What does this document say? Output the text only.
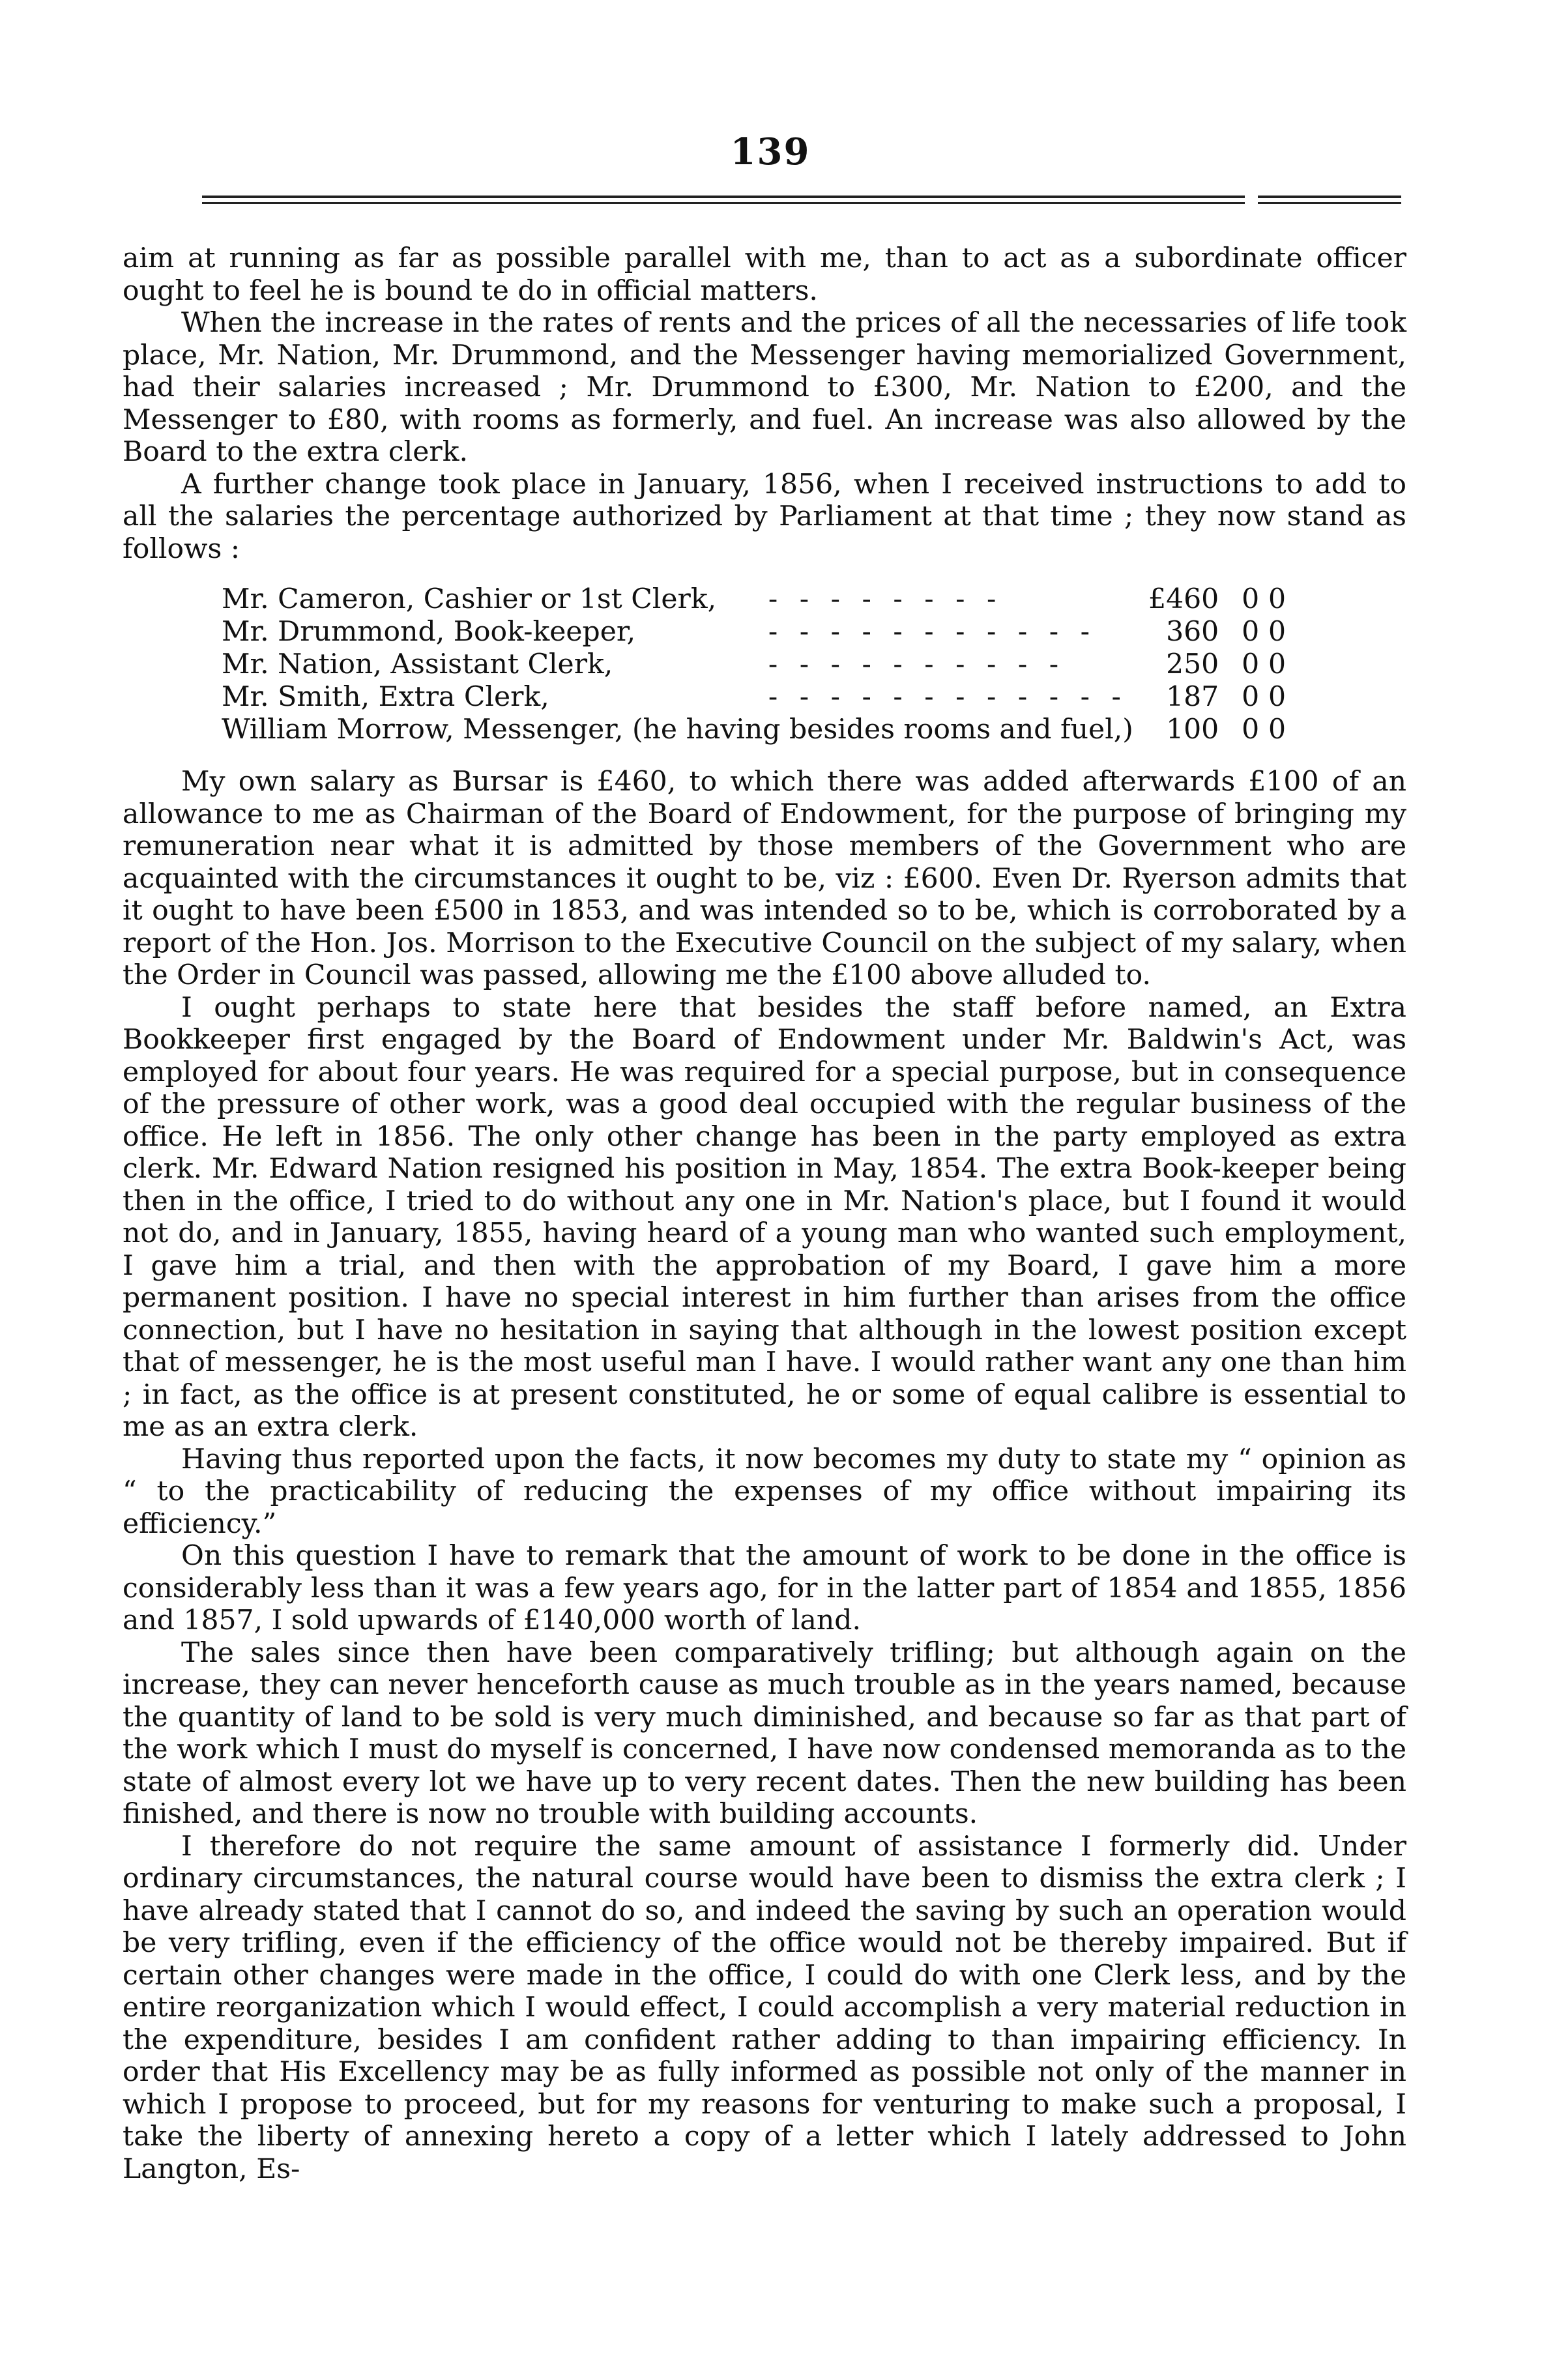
139

aim at running as far as possible parallel with me, than to act as a subordinate officer ought to feel he is bound te do in official matters.

When the increase in the rates of rents and the prices of all the necessaries of life took place, Mr. Nation, Mr. Drummond, and the Messenger having memorialized Government, had their salaries increased ; Mr. Drummond to £300, Mr. Nation to £200, and the Messenger to £80, with rooms as formerly, and fuel. An increase was also allowed by the Board to the extra clerk.

A further change took place in January, 1856, when I received instructions to add to all the salaries the percentage authorized by Parliament at that time ; they now stand as follows :

Mr. Cameron, Cashier or 1st Clerk,	- - - - - - - -	£460	0	0
Mr. Drummond, Book-keeper,	- - - - - - - - - - -	360	0	0
Mr. Nation, Assistant Clerk,	- - - - - - - - - -	250	0	0
Mr. Smith, Extra Clerk,	- - - - - - - - - - - -	187	0	0
William Morrow, Messenger, (he having besides rooms and fuel,)		100	0	0

My own salary as Bursar is £460, to which there was added afterwards £100 of an allowance to me as Chairman of the Board of Endowment, for the purpose of bringing my remuneration near what it is admitted by those members of the Government who are acquainted with the circumstances it ought to be, viz : £600. Even Dr. Ryerson admits that it ought to have been £500 in 1853, and was intended so to be, which is corroborated by a report of the Hon. Jos. Morrison to the Executive Council on the subject of my salary, when the Order in Council was passed, allowing me the £100 above alluded to.

I ought perhaps to state here that besides the staff before named, an Extra Bookkeeper first engaged by the Board of Endowment under Mr. Baldwin's Act, was employed for about four years. He was required for a special purpose, but in consequence of the pressure of other work, was a good deal occupied with the regular business of the office. He left in 1856. The only other change has been in the party employed as extra clerk. Mr. Edward Nation resigned his position in May, 1854. The extra Book-keeper being then in the office, I tried to do without any one in Mr. Nation's place, but I found it would not do, and in January, 1855, having heard of a young man who wanted such employment, I gave him a trial, and then with the approbation of my Board, I gave him a more permanent position. I have no special interest in him further than arises from the office connection, but I have no hesitation in saying that although in the lowest position except that of messenger, he is the most useful man I have. I would rather want any one than him ; in fact, as the office is at present constituted, he or some of equal calibre is essential to me as an extra clerk.

Having thus reported upon the facts, it now becomes my duty to state my “ opinion as “ to the practicability of reducing the expenses of my office without impairing its efficiency.”

On this question I have to remark that the amount of work to be done in the office is considerably less than it was a few years ago, for in the latter part of 1854 and 1855, 1856 and 1857, I sold upwards of £140,000 worth of land.

The sales since then have been comparatively trifling; but although again on the increase, they can never henceforth cause as much trouble as in the years named, because the quantity of land to be sold is very much diminished, and because so far as that part of the work which I must do myself is concerned, I have now condensed memoranda as to the state of almost every lot we have up to very recent dates. Then the new building has been finished, and there is now no trouble with building accounts.

I therefore do not require the same amount of assistance I formerly did. Under ordinary circumstances, the natural course would have been to dismiss the extra clerk ; I have already stated that I cannot do so, and indeed the saving by such an operation would be very trifling, even if the efficiency of the office would not be thereby impaired. But if certain other changes were made in the office, I could do with one Clerk less, and by the entire reorganization which I would effect, I could accomplish a very material reduction in the expenditure, besides I am confident rather adding to than impairing efficiency. In order that His Excellency may be as fully informed as possible not only of the manner in which I propose to proceed, but for my reasons for venturing to make such a proposal, I take the liberty of annexing hereto a copy of a letter which I lately addressed to John Langton, Es-
